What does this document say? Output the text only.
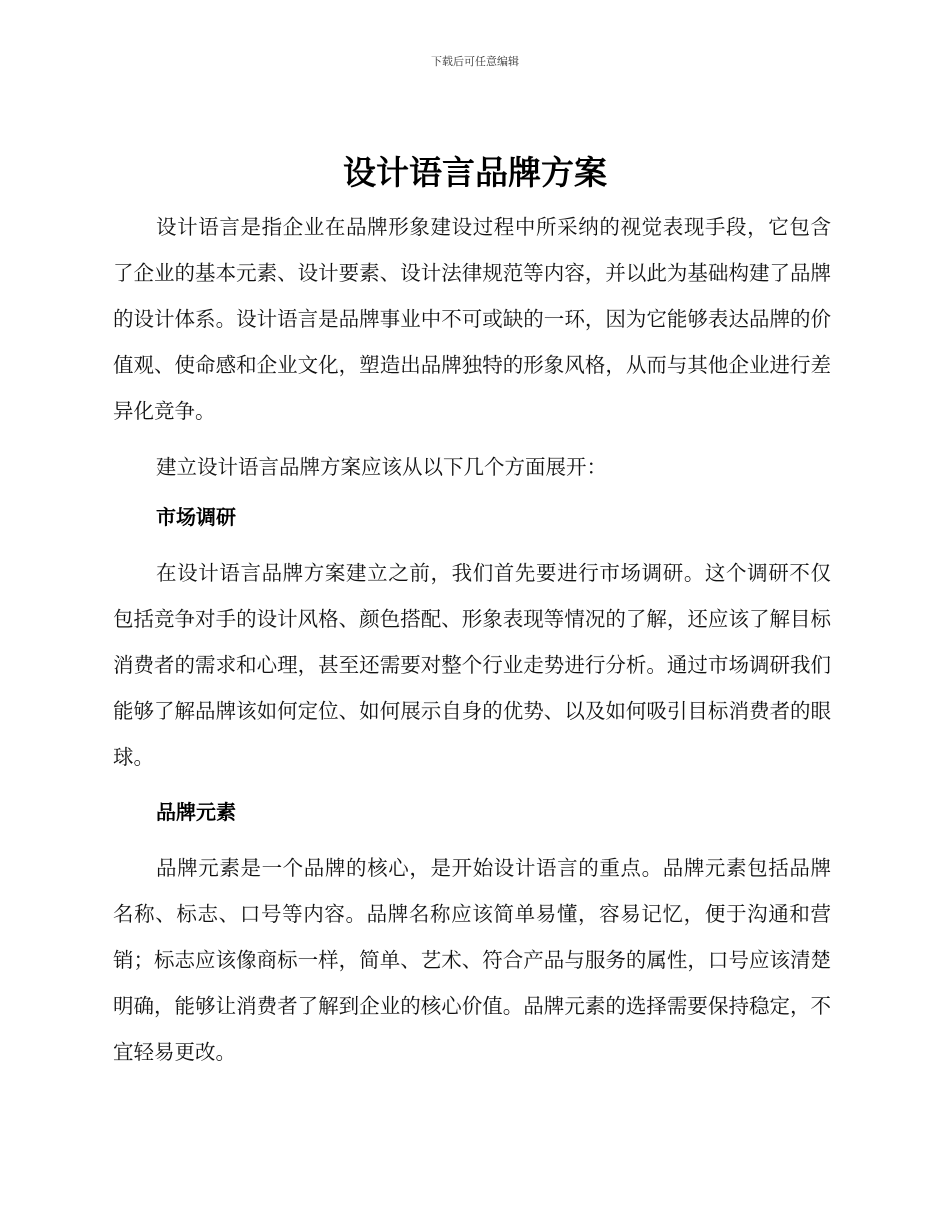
下载后可任意编辑
设计语言品牌方案

设计语言是指企业在品牌形象建设过程中所采纳的视觉表现手段，它包含了企业的基本元素、设计要素、设计法律规范等内容，并以此为基础构建了品牌的设计体系。设计语言是品牌事业中不可或缺的一环，因为它能够表达品牌的价值观、使命感和企业文化，塑造出品牌独特的形象风格，从而与其他企业进行差异化竞争。

建立设计语言品牌方案应该从以下几个方面展开：

市场调研

在设计语言品牌方案建立之前，我们首先要进行市场调研。这个调研不仅包括竞争对手的设计风格、颜色搭配、形象表现等情况的了解，还应该了解目标消费者的需求和心理，甚至还需要对整个行业走势进行分析。通过市场调研我们能够了解品牌该如何定位、如何展示自身的优势、以及如何吸引目标消费者的眼球。

品牌元素

品牌元素是一个品牌的核心，是开始设计语言的重点。品牌元素包括品牌名称、标志、口号等内容。品牌名称应该简单易懂，容易记忆，便于沟通和营销；标志应该像商标一样，简单、艺术、符合产品与服务的属性，口号应该清楚明确，能够让消费者了解到企业的核心价值。品牌元素的选择需要保持稳定，不宜轻易更改。
